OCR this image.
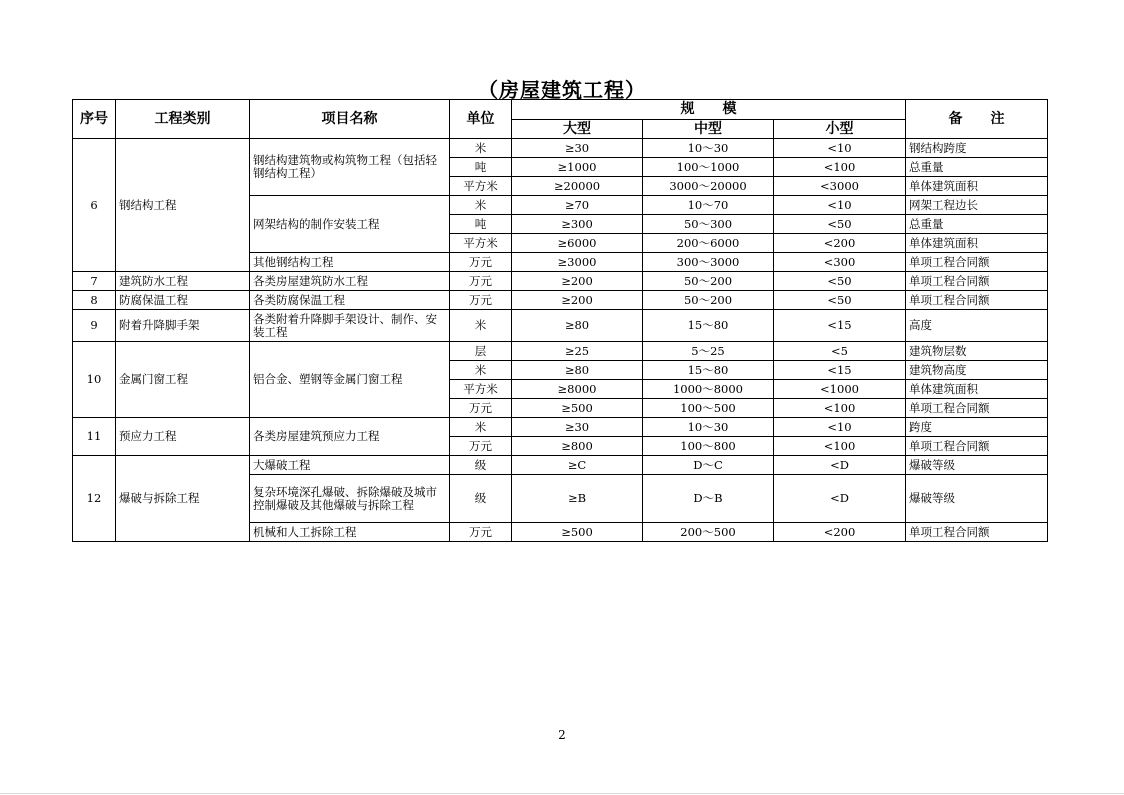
（房屋建筑工程）
序号	工程类别	项目名称	单位	规　　模			备　　注
				大型	中型	小型	
6	钢结构工程	钢结构建筑物或构筑物工程（包括轻钢结构工程）	米	≥30	10～30	<10	钢结构跨度
			吨	≥1000	100～1000	<100	总重量
			平方米	≥20000	3000～20000	<3000	单体建筑面积
		网架结构的制作安装工程	米	≥70	10～70	<10	网架工程边长
			吨	≥300	50～300	<50	总重量
			平方米	≥6000	200～6000	<200	单体建筑面积
		其他钢结构工程	万元	≥3000	300～3000	<300	单项工程合同额
7	建筑防水工程	各类房屋建筑防水工程	万元	≥200	50～200	<50	单项工程合同额
8	防腐保温工程	各类防腐保温工程	万元	≥200	50～200	<50	单项工程合同额
9	附着升降脚手架	各类附着升降脚手架设计、制作、安装工程	米	≥80	15～80	<15	高度
10	金属门窗工程	铝合金、塑钢等金属门窗工程	层	≥25	5～25	<5	建筑物层数
			米	≥80	15～80	<15	建筑物高度
			平方米	≥8000	1000～8000	<1000	单体建筑面积
			万元	≥500	100～500	<100	单项工程合同额
11	预应力工程	各类房屋建筑预应力工程	米	≥30	10～30	<10	跨度
			万元	≥800	100～800	<100	单项工程合同额
12	爆破与拆除工程	大爆破工程	级	≥C	D～C	<D	爆破等级
		复杂环境深孔爆破、拆除爆破及城市控制爆破及其他爆破与拆除工程	级	≥B	D～B	<D	爆破等级
		机械和人工拆除工程	万元	≥500	200～500	<200	单项工程合同额
2
